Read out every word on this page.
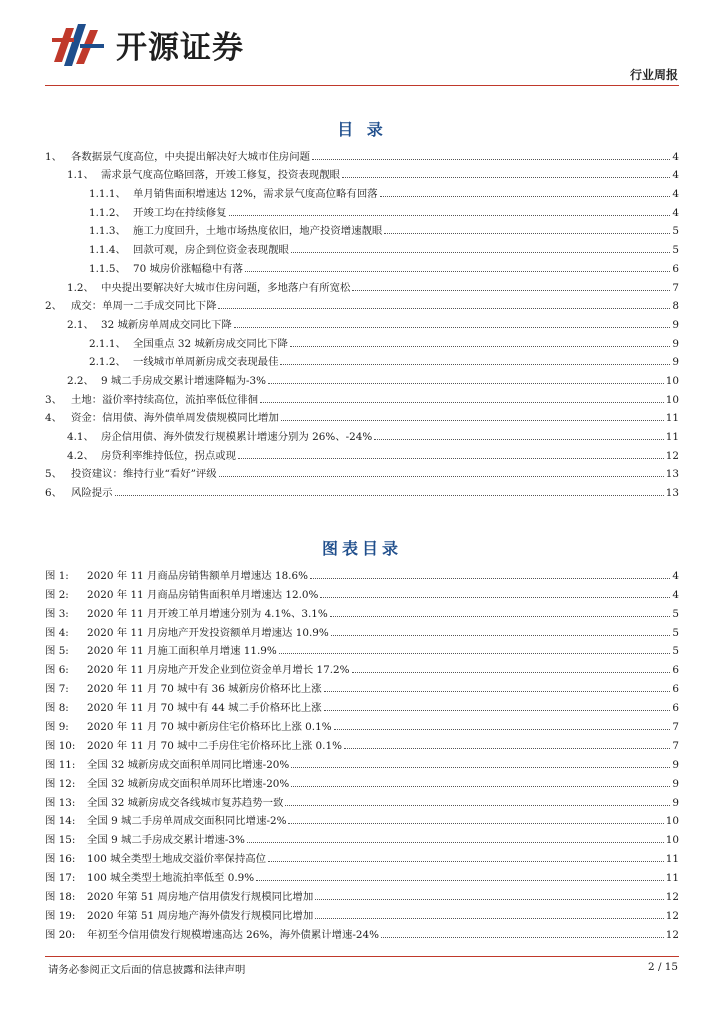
开源证券
行业周报
目 录
1、 各数据景气度高位，中央提出解决好大城市住房问题	4
1.1、 需求景气度高位略回落，开竣工修复，投资表现靓眼	4
1.1.1、 单月销售面积增速达 12%，需求景气度高位略有回落	4
1.1.2、 开竣工均在持续修复	4
1.1.3、 施工力度回升，土地市场热度依旧，地产投资增速靓眼	5
1.1.4、 回款可观，房企到位资金表现靓眼	5
1.1.5、 70 城房价涨幅稳中有落	6
1.2、 中央提出要解决好大城市住房问题，多地落户有所宽松	7
2、 成交：单周一二手成交同比下降	8
2.1、 32 城新房单周成交同比下降	9
2.1.1、 全国重点 32 城新房成交同比下降	9
2.1.2、 一线城市单周新房成交表现最佳	9
2.2、 9 城二手房成交累计增速降幅为-3%	10
3、 土地：溢价率持续高位，流拍率低位徘徊	10
4、 资金：信用债、海外债单周发债规模同比增加	11
4.1、 房企信用债、海外债发行规模累计增速分别为 26%、-24%	11
4.2、 房贷利率维持低位，拐点或现	12
5、 投资建议：维持行业“看好”评级	13
6、 风险提示	13
图表目录
图 1:	2020 年 11 月商品房销售额单月增速达 18.6%	4
图 2:	2020 年 11 月商品房销售面积单月增速达 12.0%	4
图 3:	2020 年 11 月开竣工单月增速分别为 4.1%、3.1%	5
图 4:	2020 年 11 月房地产开发投资额单月增速达 10.9%	5
图 5:	2020 年 11 月施工面积单月增速 11.9%	5
图 6:	2020 年 11 月房地产开发企业到位资金单月增长 17.2%	6
图 7:	2020 年 11 月 70 城中有 36 城新房价格环比上涨	6
图 8:	2020 年 11 月 70 城中有 44 城二手价格环比上涨	6
图 9:	2020 年 11 月 70 城中新房住宅价格环比上涨 0.1%	7
图 10:	2020 年 11 月 70 城中二手房住宅价格环比上涨 0.1%	7
图 11:	全国 32 城新房成交面积单周同比增速-20%	9
图 12:	全国 32 城新房成交面积单周环比增速-20%	9
图 13:	全国 32 城新房成交各线城市复苏趋势一致	9
图 14:	全国 9 城二手房单周成交面积同比增速-2%	10
图 15:	全国 9 城二手房成交累计增速-3%	10
图 16:	100 城全类型土地成交溢价率保持高位	11
图 17:	100 城全类型土地流拍率低至 0.9%	11
图 18:	2020 年第 51 周房地产信用债发行规模同比增加	12
图 19:	2020 年第 51 周房地产海外债发行规模同比增加	12
图 20:	年初至今信用债发行规模增速高达 26%，海外债累计增速-24%	12
请务必参阅正文后面的信息披露和法律声明	2 / 15
